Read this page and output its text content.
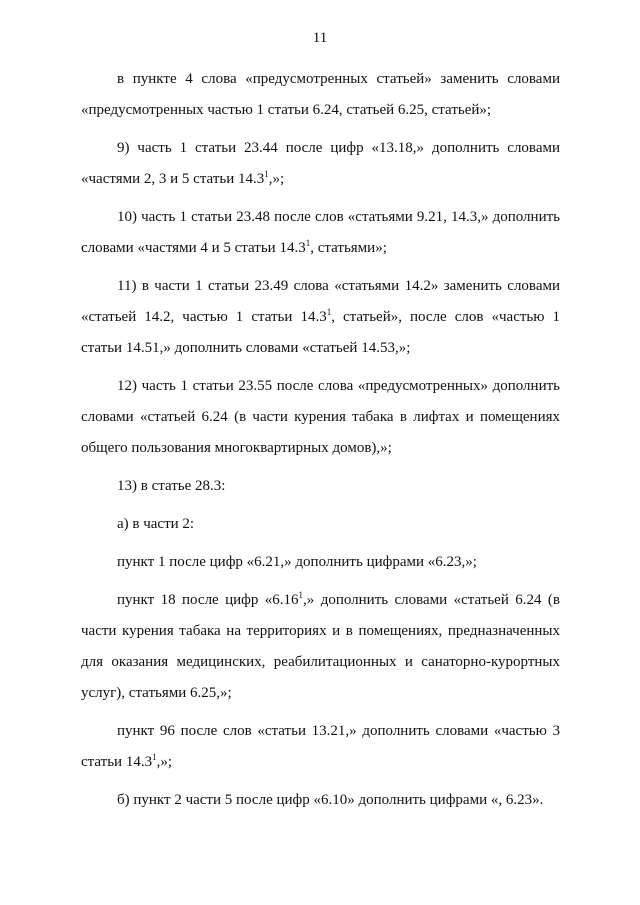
11
в пункте 4 слова «предусмотренных статьей» заменить словами
«предусмотренных частью 1 статьи 6.24, статьей 6.25, статьей»;
9) часть 1 статьи 23.44 после цифр «13.18,» дополнить словами
«частями 2, 3 и 5 статьи 14.3$^1$,»;
10) часть 1 статьи 23.48 после слов «статьями 9.21, 14.3,» дополнить
словами «частями 4 и 5 статьи 14.3$^1$, статьями»;
11) в части 1 статьи 23.49 слова «статьями 14.2» заменить словами
«статьей 14.2, частью 1 статьи 14.3$^1$, статьей», после слов «частью 1
статьи 14.51,» дополнить словами «статьей 14.53,»;
12) часть 1 статьи 23.55 после слова «предусмотренных» дополнить
словами «статьей 6.24 (в части курения табака в лифтах и помещениях
общего пользования многоквартирных домов),»;
13) в статье 28.3:
а) в части 2:
пункт 1 после цифр «6.21,» дополнить цифрами «6.23,»;
пункт 18 после цифр «6.16$^1$,» дополнить словами «статьей 6.24 (в
части курения табака на территориях и в помещениях, предназначенных
для оказания медицинских, реабилитационных и санаторно-курортных
услуг), статьями 6.25,»;
пункт 96 после слов «статьи 13.21,» дополнить словами «частью 3
статьи 14.3$^1$,»;
б) пункт 2 части 5 после цифр «6.10» дополнить цифрами «, 6.23».
